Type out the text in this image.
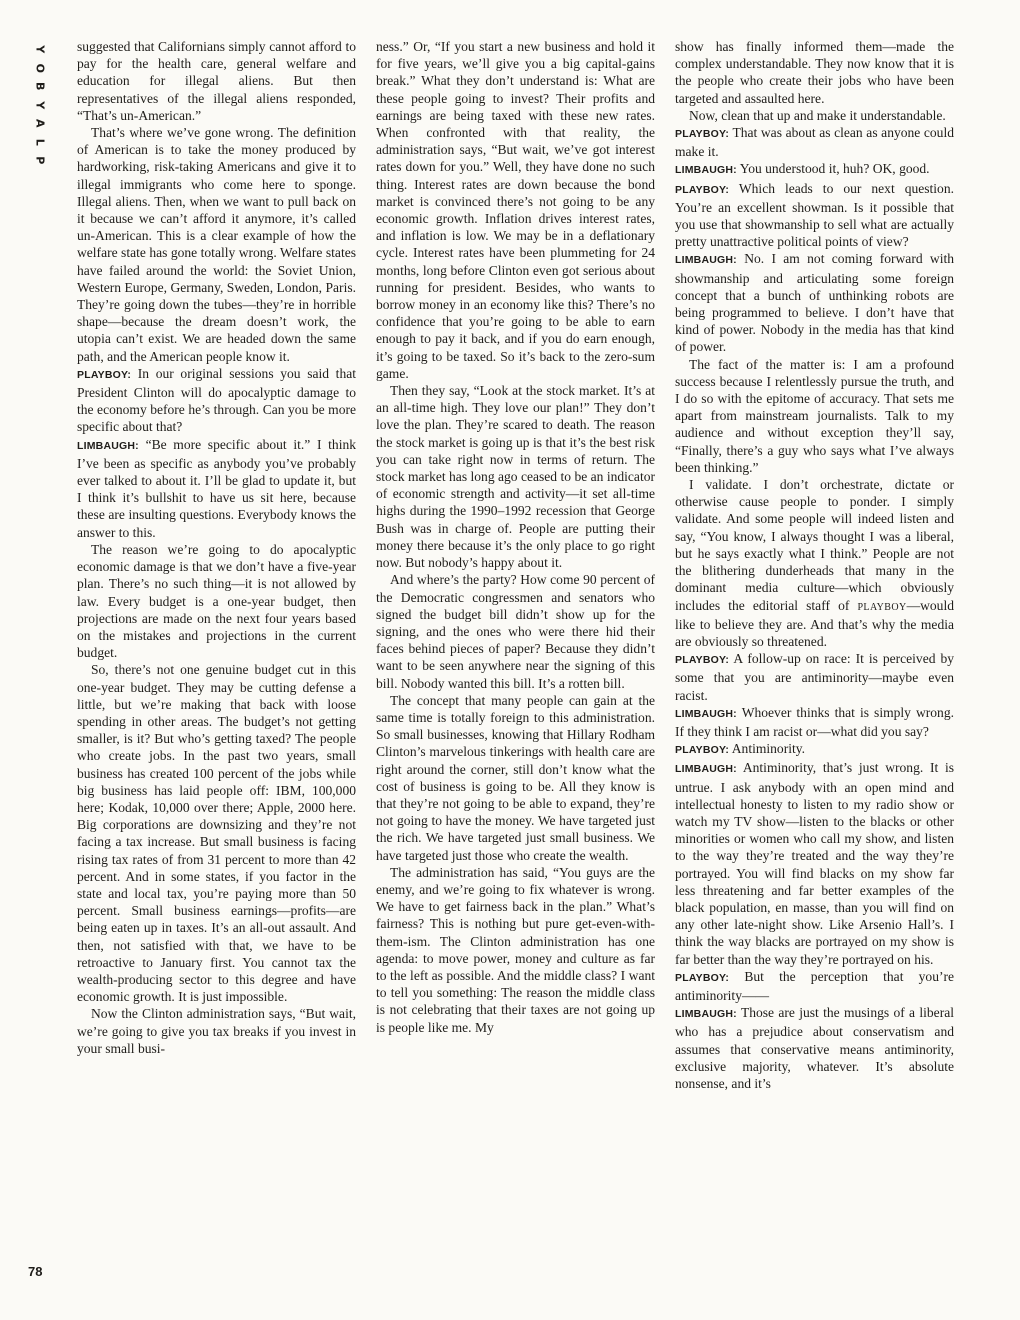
Y
O
B
Y
A
L
P

suggested that Californians simply cannot afford to pay for the health care, general welfare and education for illegal aliens. But then representatives of the illegal aliens responded, “That’s un-American.”

That’s where we’ve gone wrong. The definition of American is to take the money produced by hardworking, risk-taking Americans and give it to illegal immigrants who come here to sponge. Illegal aliens. Then, when we want to pull back on it because we can’t afford it anymore, it’s called un-American. This is a clear example of how the welfare state has gone totally wrong. Welfare states have failed around the world: the Soviet Union, Western Europe, Germany, Sweden, London, Paris. They’re going down the tubes—they’re in horrible shape—because the dream doesn’t work, the utopia can’t exist. We are headed down the same path, and the American people know it.

PLAYBOY: In our original sessions you said that President Clinton will do apocalyptic damage to the economy before he’s through. Can you be more specific about that?

LIMBAUGH: “Be more specific about it.” I think I’ve been as specific as anybody you’ve probably ever talked to about it. I’ll be glad to update it, but I think it’s bullshit to have us sit here, because these are insulting questions. Everybody knows the answer to this.

The reason we’re going to do apocalyptic economic damage is that we don’t have a five-year plan. There’s no such thing—it is not allowed by law. Every budget is a one-year budget, then projections are made on the next four years based on the mistakes and projections in the current budget.

So, there’s not one genuine budget cut in this one-year budget. They may be cutting defense a little, but we’re making that back with loose spending in other areas. The budget’s not getting smaller, is it? But who’s getting taxed? The people who create jobs. In the past two years, small business has created 100 percent of the jobs while big business has laid people off: IBM, 100,000 here; Kodak, 10,000 over there; Apple, 2000 here. Big corporations are downsizing and they’re not facing a tax increase. But small business is facing rising tax rates of from 31 percent to more than 42 percent. And in some states, if you factor in the state and local tax, you’re paying more than 50 percent. Small business earnings—profits—are being eaten up in taxes. It’s an all-out assault. And then, not satisfied with that, we have to be retroactive to January first. You cannot tax the wealth-producing sector to this degree and have economic growth. It is just impossible.

Now the Clinton administration says, “But wait, we’re going to give you tax breaks if you invest in your small busi-

ness.” Or, “If you start a new business and hold it for five years, we’ll give you a big capital-gains break.” What they don’t understand is: What are these people going to invest? Their profits and earnings are being taxed with these new rates. When confronted with that reality, the administration says, “But wait, we’ve got interest rates down for you.” Well, they have done no such thing. Interest rates are down because the bond market is convinced there’s not going to be any economic growth. Inflation drives interest rates, and inflation is low. We may be in a deflationary cycle. Interest rates have been plummeting for 24 months, long before Clinton even got serious about running for president. Besides, who wants to borrow money in an economy like this? There’s no confidence that you’re going to be able to earn enough to pay it back, and if you do earn enough, it’s going to be taxed. So it’s back to the zero-sum game.

Then they say, “Look at the stock market. It’s at an all-time high. They love our plan!” They don’t love the plan. They’re scared to death. The reason the stock market is going up is that it’s the best risk you can take right now in terms of return. The stock market has long ago ceased to be an indicator of economic strength and activity—it set all-time highs during the 1990–1992 recession that George Bush was in charge of. People are putting their money there because it’s the only place to go right now. But nobody’s happy about it.

And where’s the party? How come 90 percent of the Democratic congressmen and senators who signed the budget bill didn’t show up for the signing, and the ones who were there hid their faces behind pieces of paper? Because they didn’t want to be seen anywhere near the signing of this bill. Nobody wanted this bill. It’s a rotten bill.

The concept that many people can gain at the same time is totally foreign to this administration. So small businesses, knowing that Hillary Rodham Clinton’s marvelous tinkerings with health care are right around the corner, still don’t know what the cost of business is going to be. All they know is that they’re not going to be able to expand, they’re not going to have the money. We have targeted just the rich. We have targeted just small business. We have targeted just those who create the wealth.

The administration has said, “You guys are the enemy, and we’re going to fix whatever is wrong. We have to get fairness back in the plan.” What’s fairness? This is nothing but pure get-even-with-them-ism. The Clinton administration has one agenda: to move power, money and culture as far to the left as possible. And the middle class? I want to tell you something: The reason the middle class is not celebrating that their taxes are not going up is people like me. My

show has finally informed them—made the complex understandable. They now know that it is the people who create their jobs who have been targeted and assaulted here.

Now, clean that up and make it understandable.

PLAYBOY: That was about as clean as anyone could make it.

LIMBAUGH: You understood it, huh? OK, good.

PLAYBOY: Which leads to our next question. You’re an excellent showman. Is it possible that you use that showmanship to sell what are actually pretty unattractive political points of view?

LIMBAUGH: No. I am not coming forward with showmanship and articulating some foreign concept that a bunch of unthinking robots are being programmed to believe. I don’t have that kind of power. Nobody in the media has that kind of power.

The fact of the matter is: I am a profound success because I relentlessly pursue the truth, and I do so with the epitome of accuracy. That sets me apart from mainstream journalists. Talk to my audience and without exception they’ll say, “Finally, there’s a guy who says what I’ve always been thinking.”

I validate. I don’t orchestrate, dictate or otherwise cause people to ponder. I simply validate. And some people will indeed listen and say, “You know, I always thought I was a liberal, but he says exactly what I think.” People are not the blithering dunderheads that many in the dominant media culture—which obviously includes the editorial staff of PLAYBOY—would like to believe they are. And that’s why the media are obviously so threatened.

PLAYBOY: A follow-up on race: It is perceived by some that you are antiminority—maybe even racist.

LIMBAUGH: Whoever thinks that is simply wrong. If they think I am racist or—what did you say?

PLAYBOY: Antiminority.

LIMBAUGH: Antiminority, that’s just wrong. It is untrue. I ask anybody with an open mind and intellectual honesty to listen to my radio show or watch my TV show—listen to the blacks or other minorities or women who call my show, and listen to the way they’re treated and the way they’re portrayed. You will find blacks on my show far less threatening and far better examples of the black population, en masse, than you will find on any other late-night show. Like Arsenio Hall’s. I think the way blacks are portrayed on my show is far better than the way they’re portrayed on his.

PLAYBOY: But the perception that you’re antiminority——

LIMBAUGH: Those are just the musings of a liberal who has a prejudice about conservatism and assumes that conservative means antiminority, exclusive majority, whatever. It’s absolute nonsense, and it’s

78
